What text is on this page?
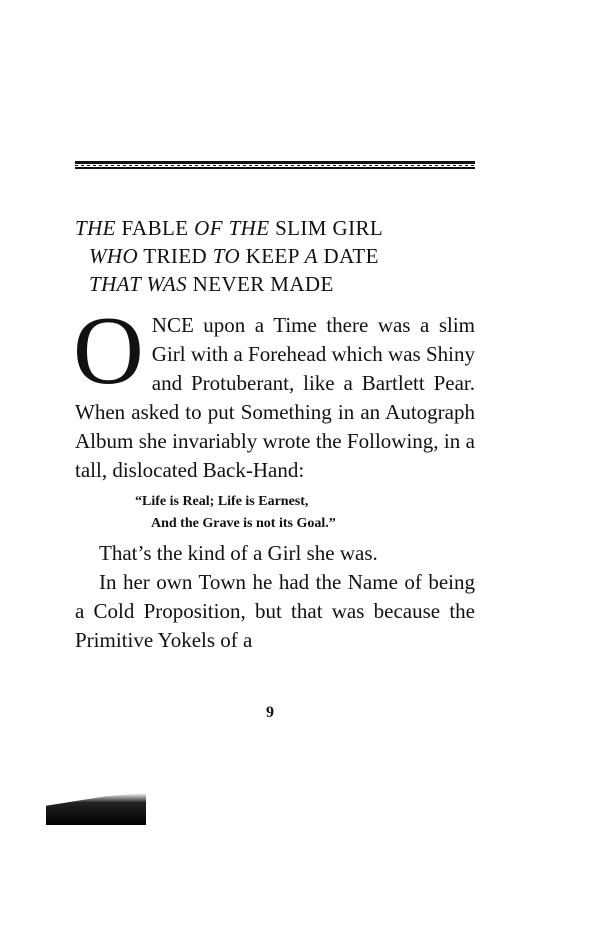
THE FABLE OF THE SLIM GIRL
WHO TRIED TO KEEP A DATE
THAT WAS NEVER MADE
O NCE upon a Time there was a slim Girl with a Forehead which was Shiny and Protuberant, like a Bartlett Pear. When asked to put Something in an Autograph Album she invariably wrote the Following, in a tall, dislocated Back-Hand:

“Life is Real; Life is Earnest,
And the Grave is not its Goal.”

That’s the kind of a Girl she was.

In her own Town he had the Name of being a Cold Proposition, but that was because the Primitive Yokels of a

9
